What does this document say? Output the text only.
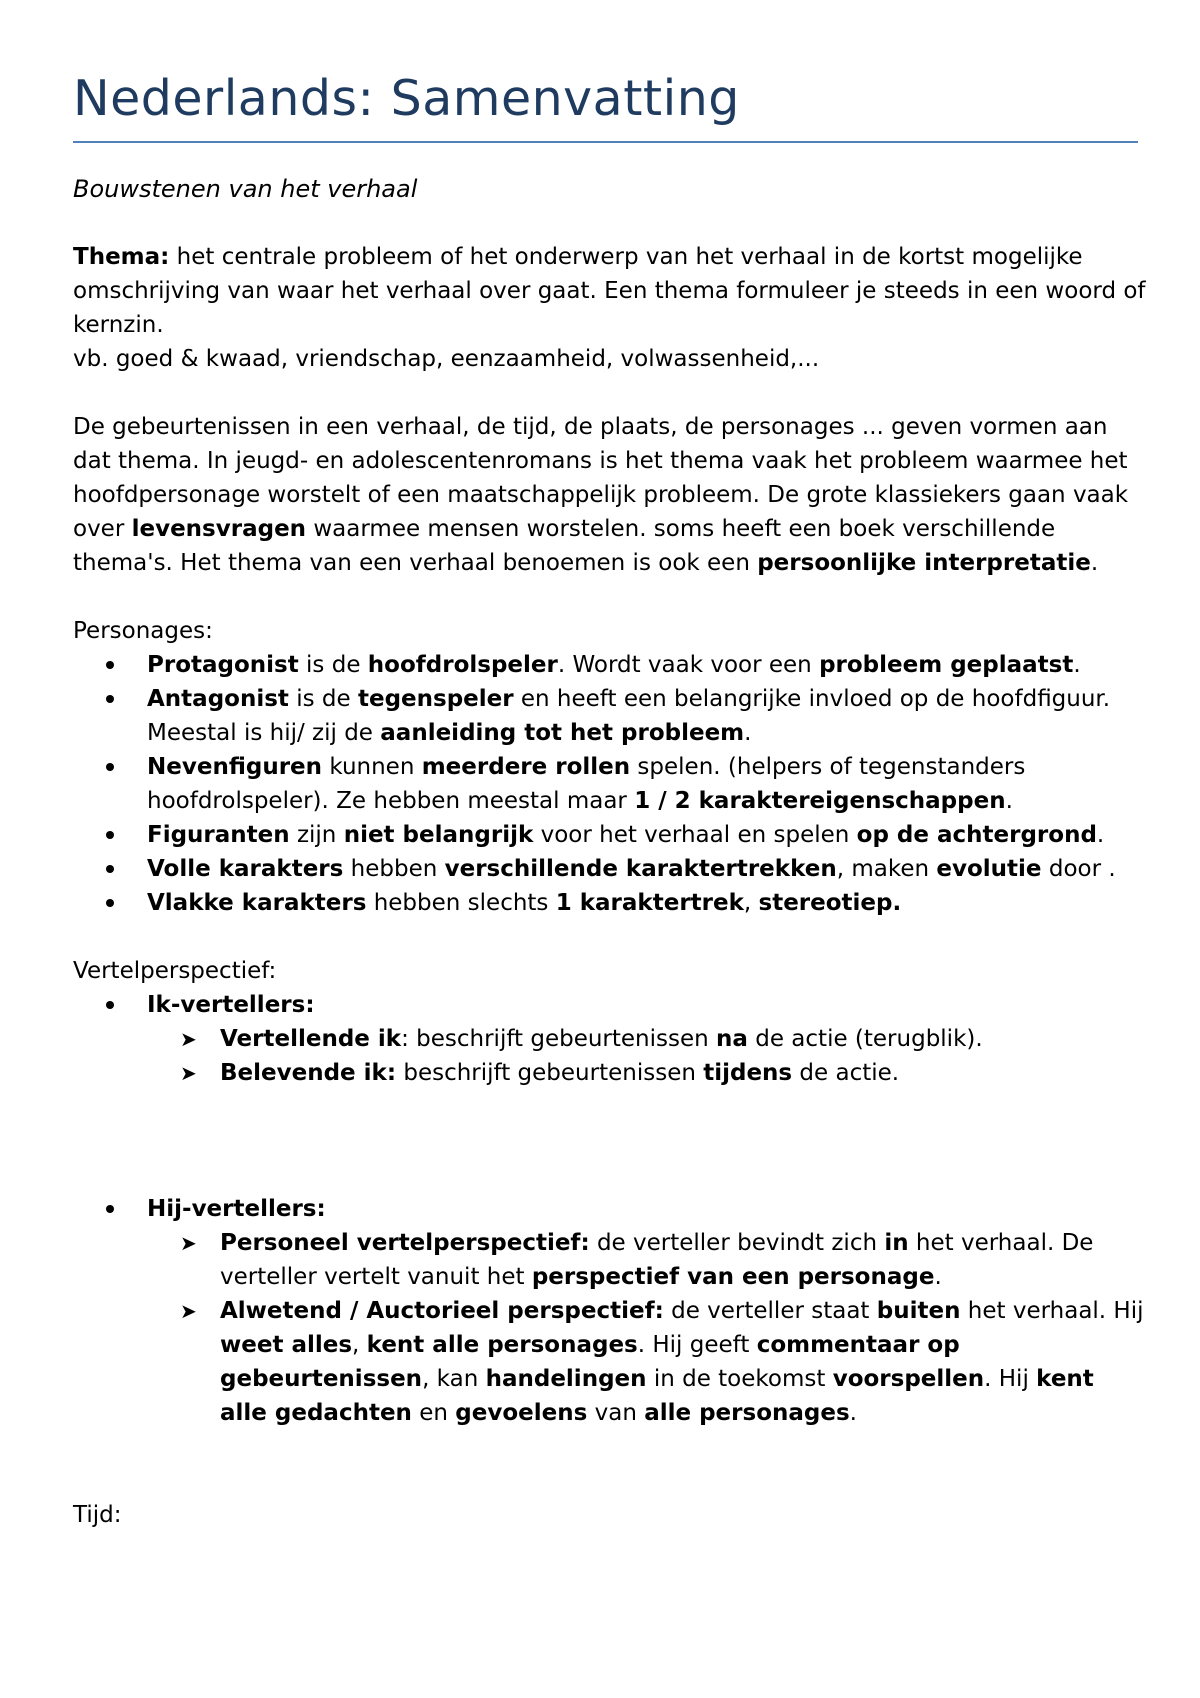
Nederlands: Samenvatting

Bouwstenen van het verhaal

Thema: het centrale probleem of het onderwerp van het verhaal in de kortst mogelijke omschrijving van waar het verhaal over gaat. Een thema formuleer je steeds in een woord of kernzin.

vb. goed & kwaad, vriendschap, eenzaamheid, volwassenheid,...

De gebeurtenissen in een verhaal, de tijd, de plaats, de personages ... geven vormen aan dat thema. In jeugd- en adolescentenromans is het thema vaak het probleem waarmee het hoofdpersonage worstelt of een maatschappelijk probleem. De grote klassiekers gaan vaak over levensvragen waarmee mensen worstelen. soms heeft een boek verschillende thema's. Het thema van een verhaal benoemen is ook een persoonlijke interpretatie.

Personages:

Protagonist is de hoofdrolspeler. Wordt vaak voor een probleem geplaatst.
Antagonist is de tegenspeler en heeft een belangrijke invloed op de hoofdfiguur. Meestal is hij/ zij de aanleiding tot het probleem.
Nevenfiguren kunnen meerdere rollen spelen. (helpers of tegenstanders hoofdrolspeler). Ze hebben meestal maar 1 / 2 karaktereigenschappen.
Figuranten zijn niet belangrijk voor het verhaal en spelen op de achtergrond.
Volle karakters hebben verschillende karaktertrekken, maken evolutie door .
Vlakke karakters hebben slechts 1 karaktertrek, stereotiep.

Vertelperspectief:

Ik-vertellers:
➤ Vertellende ik: beschrijft gebeurtenissen na de actie (terugblik).
➤ Belevende ik: beschrijft gebeurtenissen tijdens de actie.
Hij-vertellers:
➤ Personeel vertelperspectief: de verteller bevindt zich in het verhaal. De verteller vertelt vanuit het perspectief van een personage.
➤ Alwetend / Auctorieel perspectief: de verteller staat buiten het verhaal. Hij weet alles, kent alle personages. Hij geeft commentaar op gebeurtenissen, kan handelingen in de toekomst voorspellen. Hij kent alle gedachten en gevoelens van alle personages.

Tijd:
